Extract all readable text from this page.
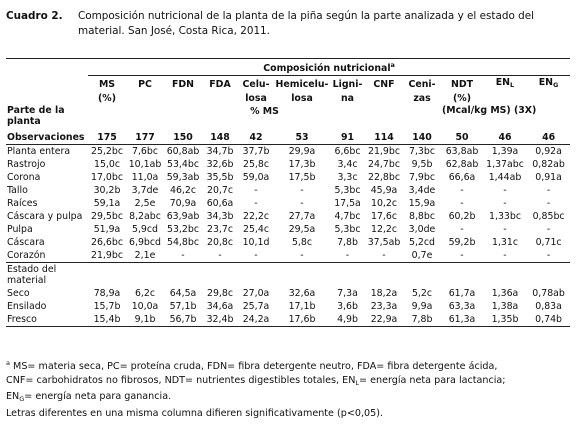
Cuadro 2. Composición nutricional de la planta de la piña según la parte analizada y el estado del material. San José, Costa Rica, 2011.
	Composición nutricional$^a$
	MS	PC	FDN	FDA	Celu-	Hemicelu-	Ligni-	CNF	Ceni-	NDT	$EN_L$	$EN_G$
	(%)				losa	losa	na		zas	(%)		
Parte de la planta	% MS									(Mcal/kg MS) (3X)		

Observaciones	175	177	150	148	42	53	91	114	140	50	46	46
Planta entera	25,2bc	7,6bc	60,8ab	34,7b	37,7b	29,9a	6,6bc	21,9bc	7,3bc	63,8ab	1,39a	0,92a
Rastrojo	15,0c	10,1ab	53,4bc	32,6b	25,8c	17,3b	3,4c	24,7bc	9,5b	62,8ab	1,37abc	0,82ab
Corona	17,0bc	11,0a	59,3ab	35,5b	59,0a	17,5b	3,3c	22,8bc	7,9bc	66,6a	1,44ab	0,91a
Tallo	30,2b	3,7de	46,2c	20,7c	-	-	5,3bc	45,9a	3,4de	-	-	-
Raíces	59,1a	2,5e	70,9a	60,6a	-	-	17,5a	10,2c	15,9a	-	-	-
Cáscara y pulpa	29,5bc	8,2abc	63,9ab	34,3b	22,2c	27,7a	4,7bc	17,6c	8,8bc	60,2b	1,33bc	0,85bc
Pulpa	51,9a	5,9cd	53,2bc	23,7c	25,4c	29,5a	5,3bc	12,2c	3,0de	-	-	-
Cáscara	26,6bc	6,9bcd	54,8bc	20,8c	10,1d	5,8c	7,8b	37,5ab	5,2cd	59,2b	1,31c	0,71c
Corazón	21,9bc	2,1e	-	-	-	-	-	-	0,7e	-	-	-
Estado del material												
Seco	78,9a	6,2c	64,5a	29,8c	27,0a	32,6a	7,3a	18,2a	5,2c	61,7a	1,36a	0,78ab
Ensilado	15,7b	10,0a	57,1b	34,6a	25,7a	17,1b	3,6b	23,3a	9,9a	63,3a	1,38a	0,83a
Fresco	15,4b	9,1b	56,7b	32,4b	24,2a	17,6b	4,9b	22,9a	7,8b	61,3a	1,35b	0,74b
$^a$ MS= materia seca, PC= proteína cruda, FDN= fibra detergente neutro, FDA= fibra detergente ácida,
CNF= carbohidratos no fibrosos, NDT= nutrientes digestibles totales, $EN_L=$ energía neta para lactancia;
$EN_G=$ energía neta para ganancia.
Letras diferentes en una misma columna difieren significativamente (p<0,05).
